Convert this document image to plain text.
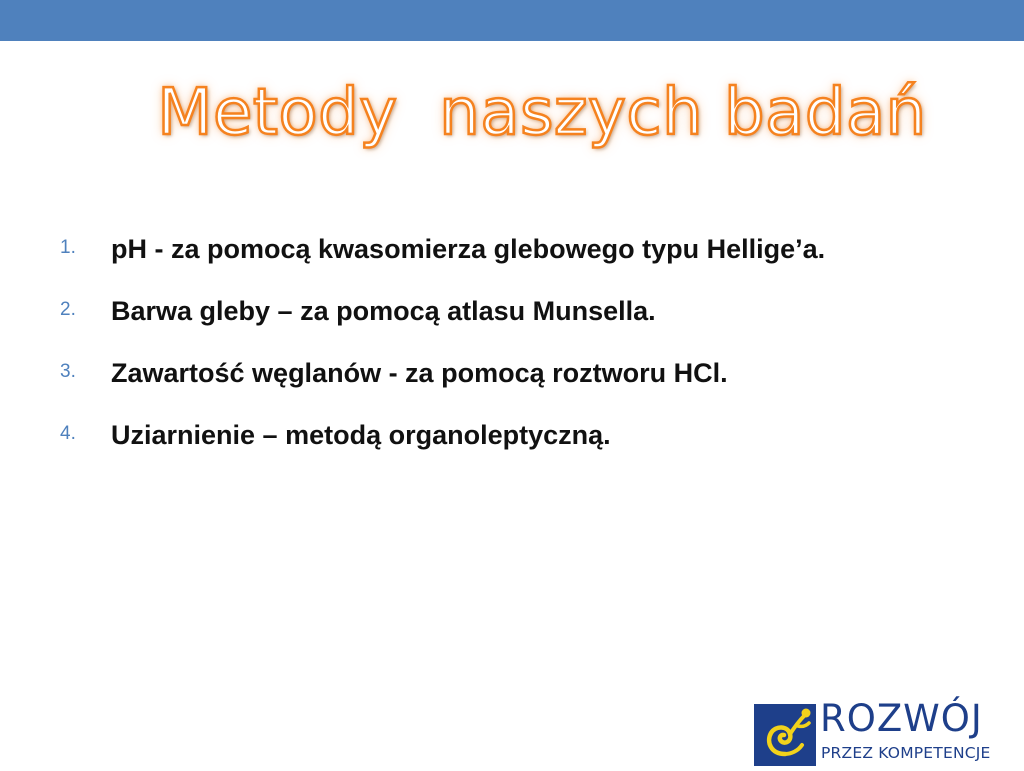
Metody  naszych badań
1. pH - za pomocą kwasomierza glebowego typu Hellige’a.
2. Barwa gleby – za pomocą atlasu Munsella.
3. Zawartość węglanów - za pomocą roztworu HCl.
4. Uziarnienie – metodą organoleptyczną.
ROZWÓJ
PRZEZ KOMPETENCJE
